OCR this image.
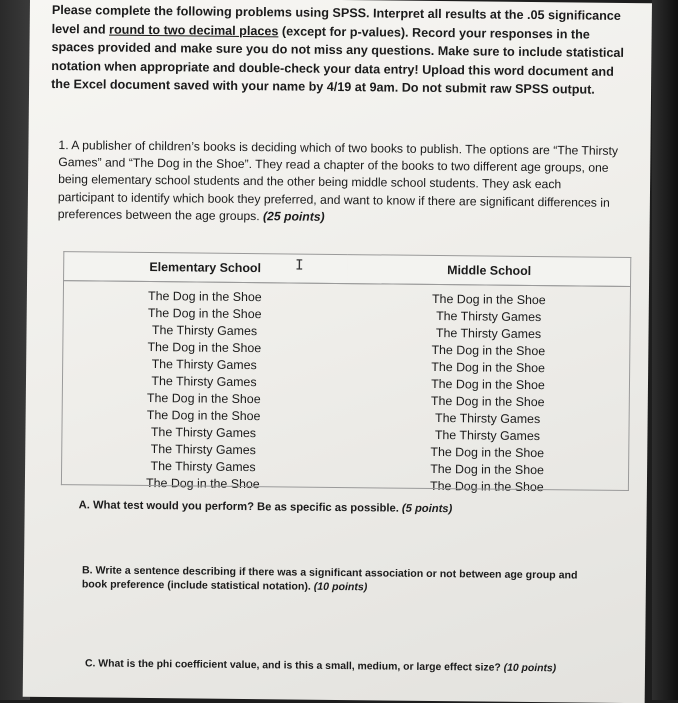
Please complete the following problems using SPSS. Interpret all results at the .05 significance level and round to two decimal places (except for p-values). Record your responses in the spaces provided and make sure you do not miss any questions. Make sure to include statistical notation when appropriate and double-check your data entry! Upload this word document and the Excel document saved with your name by 4/19 at 9am. Do not submit raw SPSS output.
1. A publisher of children’s books is deciding which of two books to publish. The options are “The Thirsty Games” and “The Dog in the Shoe”. They read a chapter of the books to two different age groups, one being elementary school students and the other being middle school students. They ask each participant to identify which book they preferred, and want to know if there are significant differences in preferences between the age groups. (25 points)
Elementary School	Middle School
The Dog in the Shoe	The Dog in the Shoe
The Dog in the Shoe	The Thirsty Games
The Thirsty Games	The Thirsty Games
The Dog in the Shoe	The Dog in the Shoe
The Thirsty Games	The Dog in the Shoe
The Thirsty Games	The Dog in the Shoe
The Dog in the Shoe	The Dog in the Shoe
The Dog in the Shoe	The Thirsty Games
The Thirsty Games	The Thirsty Games
The Thirsty Games	The Dog in the Shoe
The Thirsty Games	The Dog in the Shoe
The Dog in the Shoe	The Dog in the Shoe
I
A. What test would you perform? Be as specific as possible. (5 points)
B. Write a sentence describing if there was a significant association or not between age group and book preference (include statistical notation). (10 points)
C. What is the phi coefficient value, and is this a small, medium, or large effect size? (10 points)
